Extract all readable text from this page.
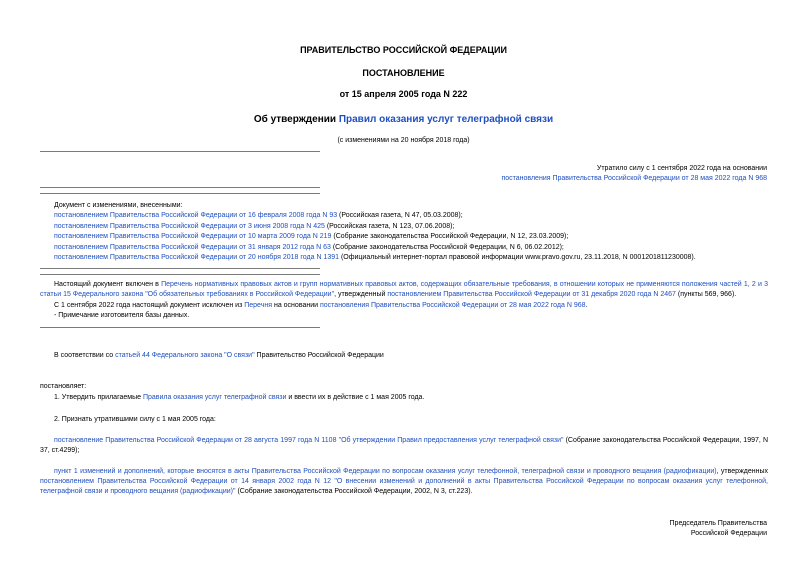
ПРАВИТЕЛЬСТВО РОССИЙСКОЙ ФЕДЕРАЦИИ
ПОСТАНОВЛЕНИЕ
от 15 апреля 2005 года N 222
Об утверждении Правил оказания услуг телеграфной связи
(с изменениями на 20 ноября 2018 года)
Утратило силу с 1 сентября 2022 года на основании
постановления Правительства Российской Федерации от 28 мая 2022 года N 968
Документ с изменениями, внесенными:
постановлением Правительства Российской Федерации от 16 февраля 2008 года N 93 (Российская газета, N 47, 05.03.2008);
постановлением Правительства Российской Федерации от 3 июня 2008 года N 425 (Российская газета, N 123, 07.06.2008);
постановлением Правительства Российской Федерации от 10 марта 2009 года N 219 (Собрание законодательства Российской Федерации, N 12, 23.03.2009);
постановлением Правительства Российской Федерации от 31 января 2012 года N 63 (Собрание законодательства Российской Федерации, N 6, 06.02.2012);
постановлением Правительства Российской Федерации от 20 ноября 2018 года N 1391 (Официальный интернет-портал правовой информации www.pravo.gov.ru, 23.11.2018, N 0001201811230008).
Настоящий документ включен в Перечень нормативных правовых актов и групп нормативных правовых актов, содержащих обязательные требования, в отношении которых не применяются положения частей 1, 2 и 3 статьи 15 Федерального закона "Об обязательных требованиях в Российской Федерации", утвержденный постановлением Правительства Российской Федерации от 31 декабря 2020 года N 2467 (пункты 569, 966).
С 1 сентября 2022 года настоящий документ исключен из Перечня на основании постановления Правительства Российской Федерации от 28 мая 2022 года N 968.
- Примечание изготовителя базы данных.
В соответствии со статьей 44 Федерального закона "О связи" Правительство Российской Федерации
постановляет:
1. Утвердить прилагаемые Правила оказания услуг телеграфной связи и ввести их в действие с 1 мая 2005 года.
2. Признать утратившими силу с 1 мая 2005 года:
постановление Правительства Российской Федерации от 28 августа 1997 года N 1108 "Об утверждении Правил предоставления услуг телеграфной связи" (Собрание законодательства Российской Федерации, 1997, N 37, ст.4299);
пункт 1 изменений и дополнений, которые вносятся в акты Правительства Российской Федерации по вопросам оказания услуг телефонной, телеграфной связи и проводного вещания (радиофикации), утвержденных постановлением Правительства Российской Федерации от 14 января 2002 года N 12 "О внесении изменений и дополнений в акты Правительства Российской Федерации по вопросам оказания услуг телефонной, телеграфной связи и проводного вещания (радиофикации)" (Собрание законодательства Российской Федерации, 2002, N 3, ст.223).
Председатель Правительства
Российской Федерации
